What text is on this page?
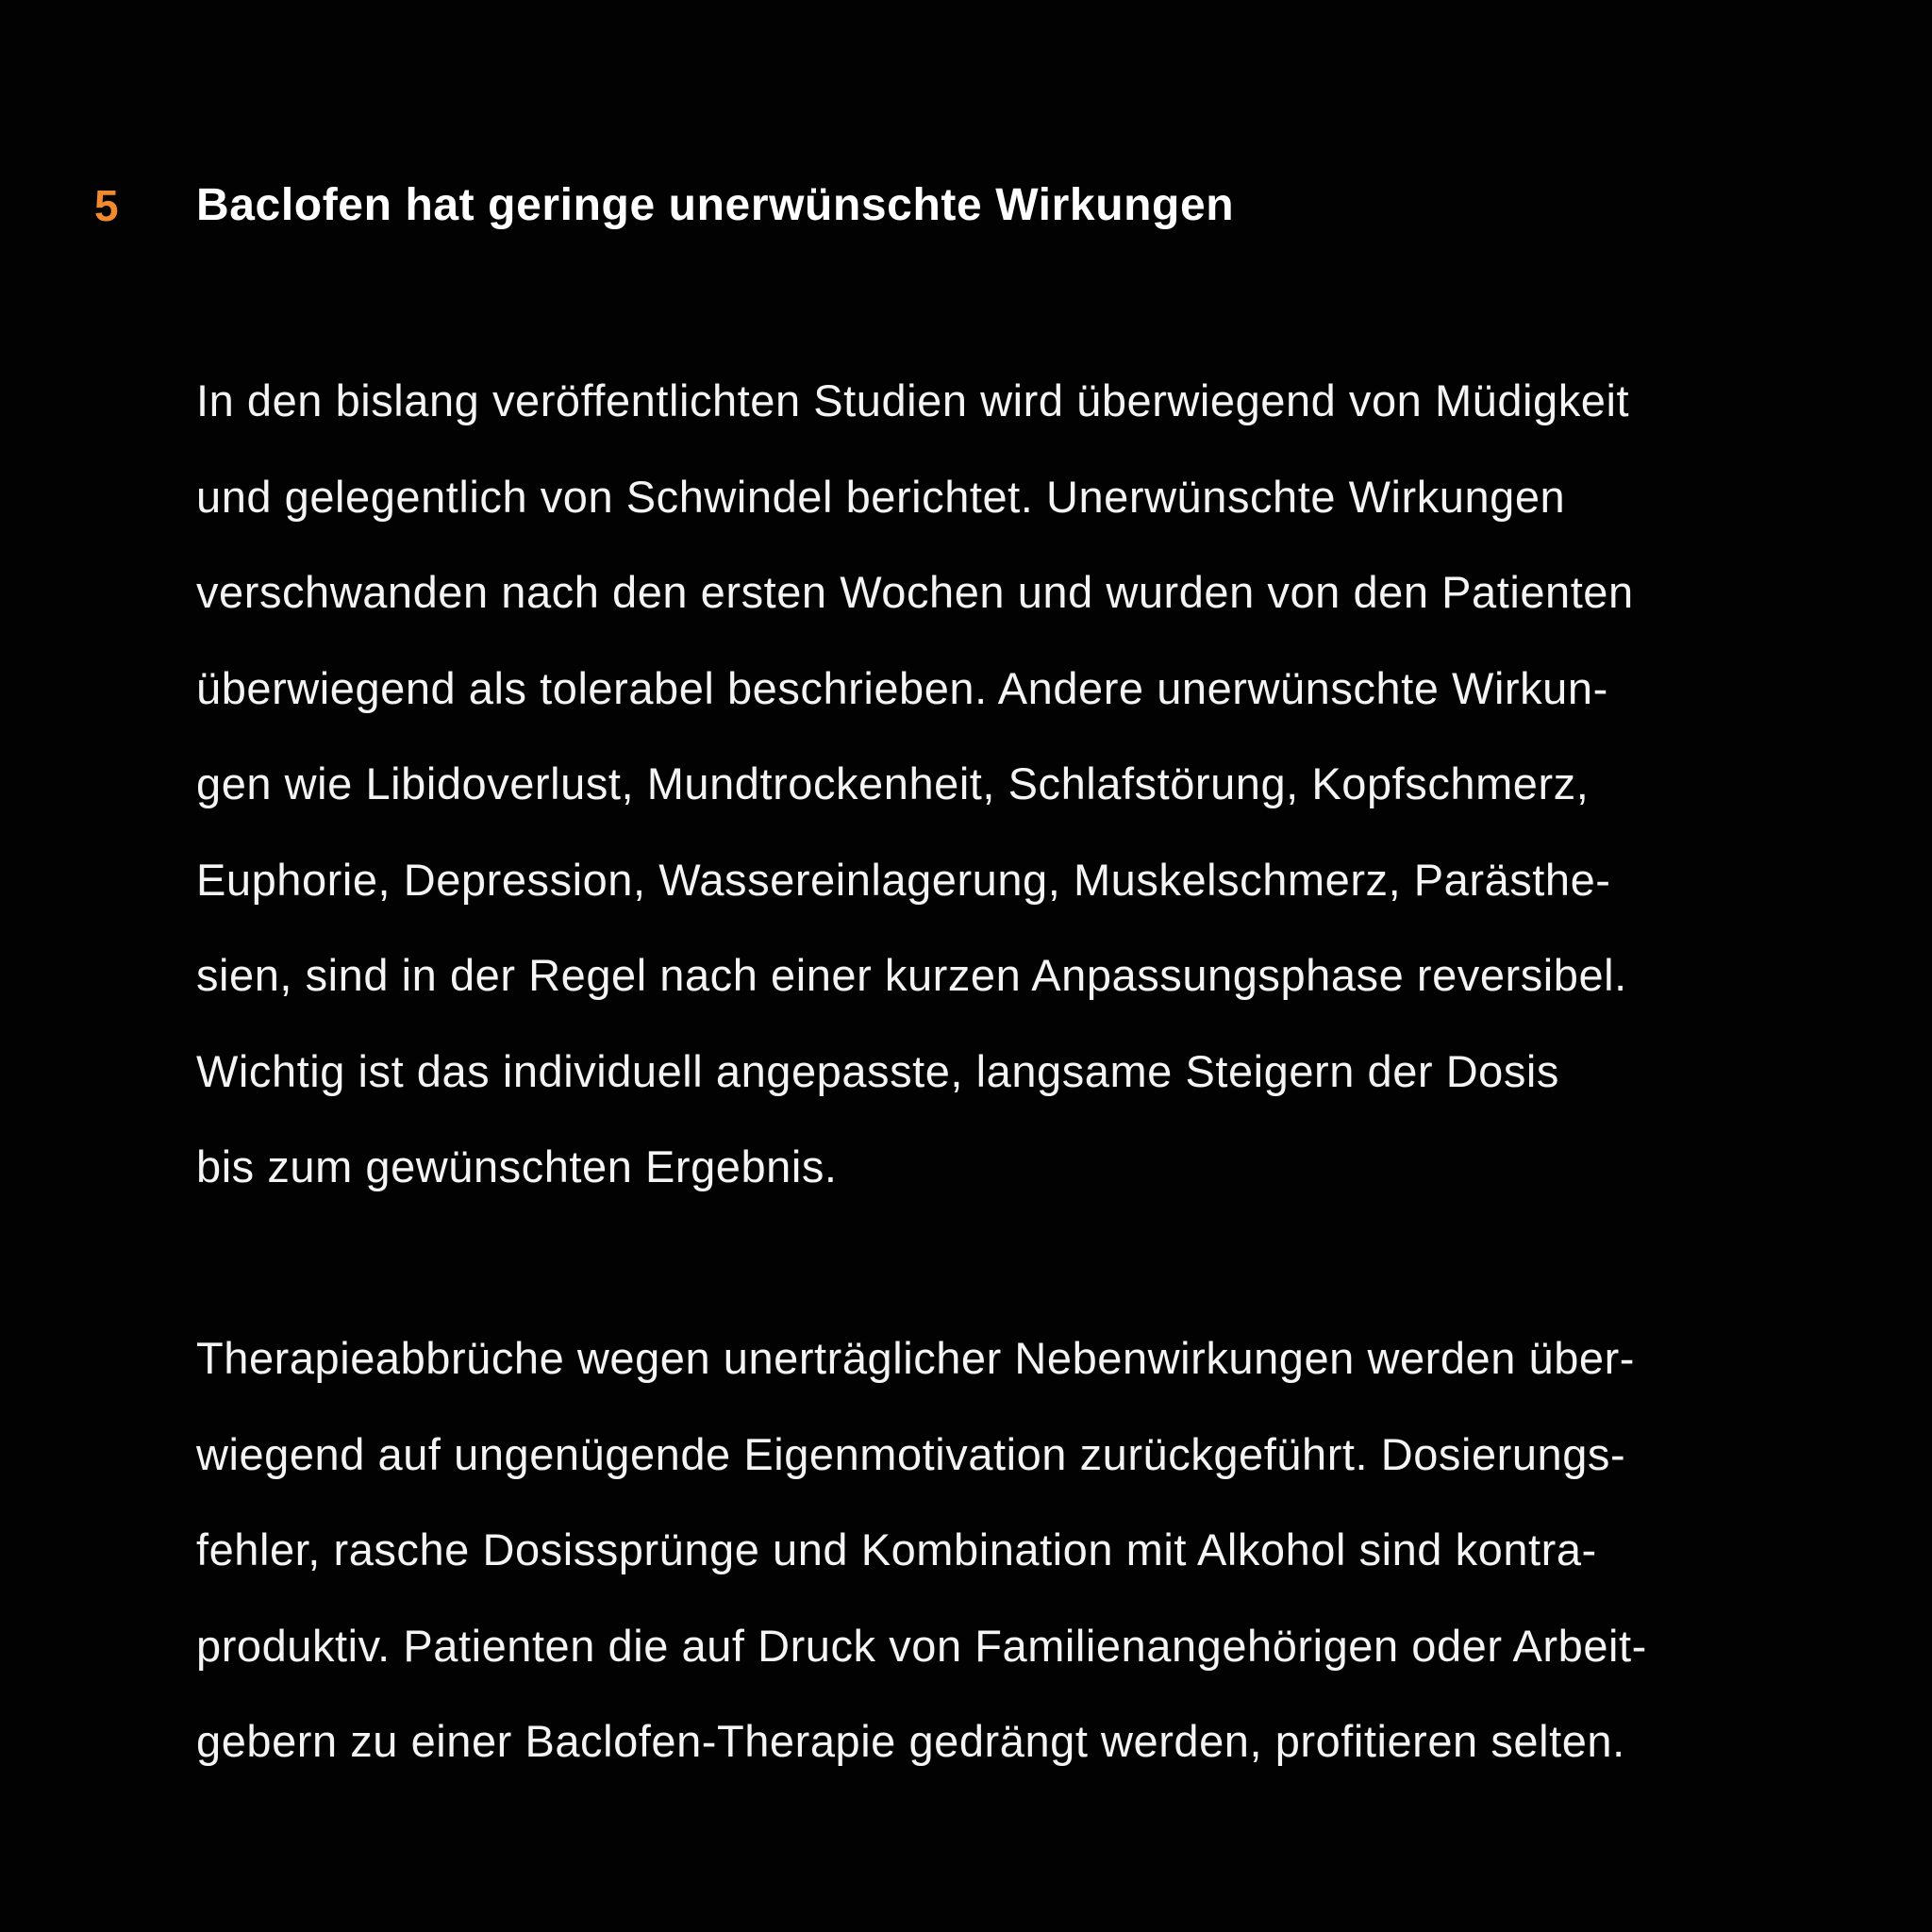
5 Baclofen hat geringe unerwünschte Wirkungen

In den bislang veröffentlichten Studien wird überwiegend von Müdigkeit
und gelegentlich von Schwindel berichtet. Unerwünschte Wirkungen
verschwanden nach den ersten Wochen und wurden von den Patienten
überwiegend als tolerabel beschrieben. Andere unerwünschte Wirkun-
gen wie Libidoverlust, Mundtrockenheit, Schlafstörung, Kopfschmerz,
Euphorie, Depression, Wassereinlagerung, Muskelschmerz, Parästhe-
sien, sind in der Regel nach einer kurzen Anpassungsphase reversibel.
Wichtig ist das individuell angepasste, langsame Steigern der Dosis
bis zum gewünschten Ergebnis.

Therapieabbrüche wegen unerträglicher Nebenwirkungen werden über-
wiegend auf ungenügende Eigenmotivation zurückgeführt. Dosierungs-
fehler, rasche Dosissprünge und Kombination mit Alkohol sind kontra-
produktiv. Patienten die auf Druck von Familienangehörigen oder Arbeit-
gebern zu einer Baclofen-Therapie gedrängt werden, profitieren selten.
